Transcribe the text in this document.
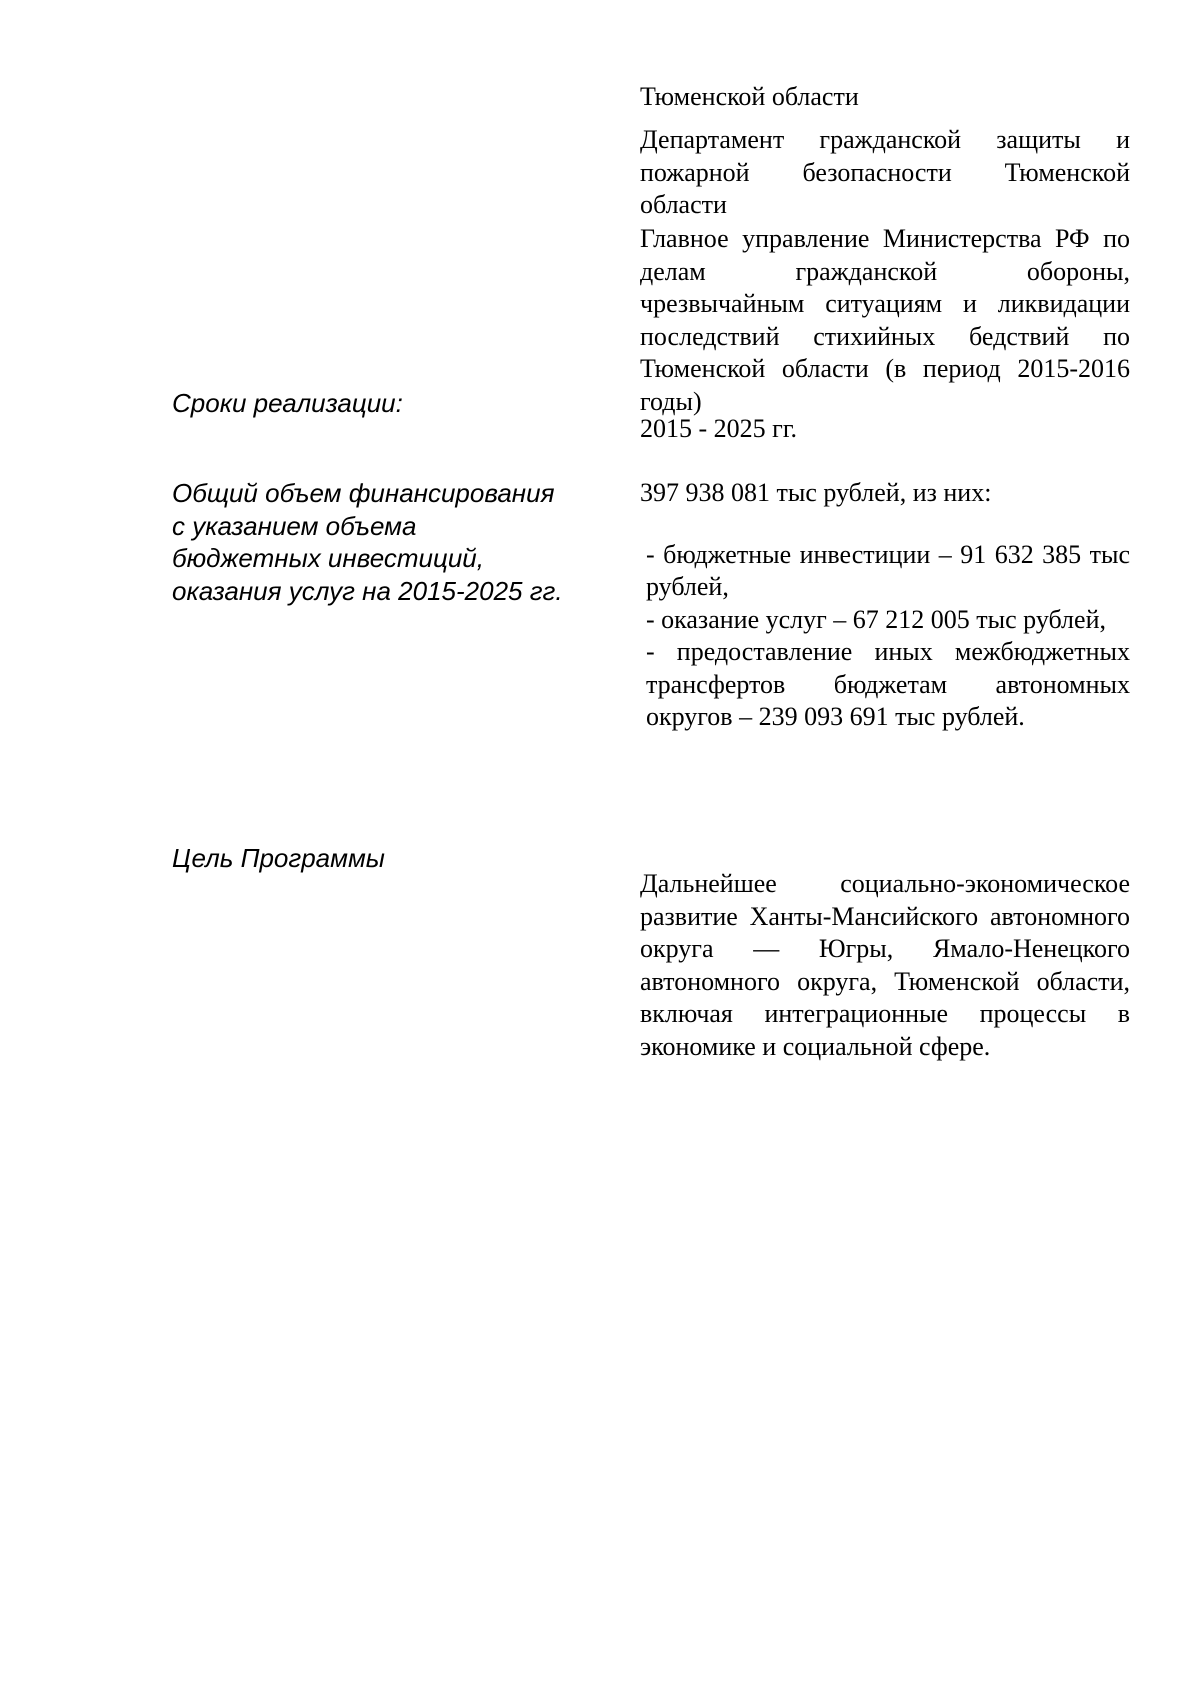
Тюменской области

Департамент гражданской защиты и пожарной безопасности Тюменской области

Главное управление Министерства РФ по делам гражданской обороны, чрезвычайным ситуациям и ликвидации последствий стихийных бедствий по Тюменской области (в период 2015-2016 годы)

Сроки реализации:

2015 - 2025 гг.

Общий объем финансирования с указанием объема бюджетных инвестиций, оказания услуг на 2015-2025 гг.

397 938 081 тыс рублей, из них:

- бюджетные инвестиции – 91 632 385 тыс рублей,

- оказание услуг – 67 212 005 тыс рублей,

- предоставление иных межбюджетных трансфертов бюджетам автономных округов – 239 093 691 тыс рублей.

Цель Программы

Дальнейшее социально-экономическое развитие Ханты-Мансийского автономного округа — Югры, Ямало-Ненецкого автономного округа, Тюменской области, включая интеграционные процессы в экономике и социальной сфере.
